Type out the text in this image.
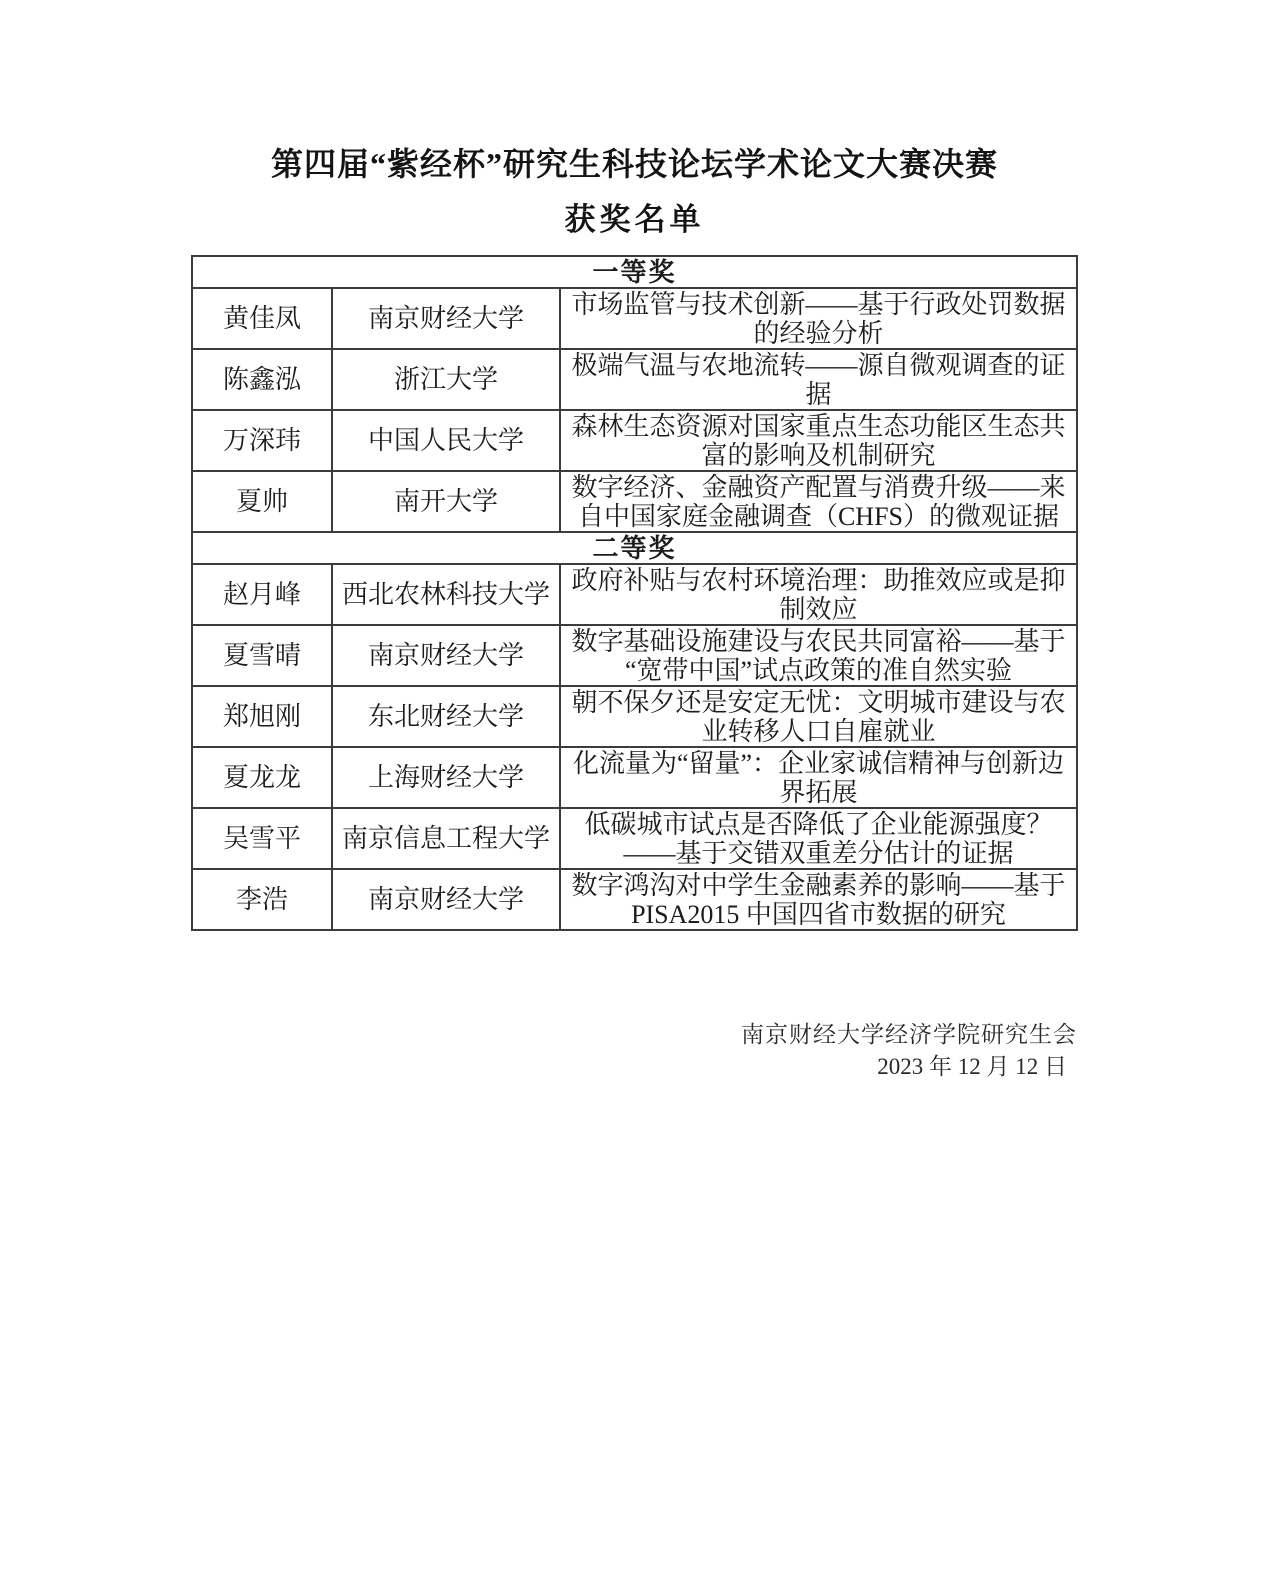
第四届“紫经杯”研究生科技论坛学术论文大赛决赛
获奖名单
一等奖		
黄佳凤	南京财经大学	市场监管与技术创新——基于行政处罚数据的经验分析
陈鑫泓	浙江大学	极端气温与农地流转——源自微观调查的证据
万深玮	中国人民大学	森林生态资源对国家重点生态功能区生态共富的影响及机制研究
夏帅	南开大学	数字经济、金融资产配置与消费升级——来自中国家庭金融调查（CHFS）的微观证据
二等奖		
赵月峰	西北农林科技大学	政府补贴与农村环境治理：助推效应或是抑制效应
夏雪晴	南京财经大学	数字基础设施建设与农民共同富裕——基于“宽带中国”试点政策的准自然实验
郑旭刚	东北财经大学	朝不保夕还是安定无忧：文明城市建设与农业转移人口自雇就业
夏龙龙	上海财经大学	化流量为“留量”：企业家诚信精神与创新边界拓展
吴雪平	南京信息工程大学	低碳城市试点是否降低了企业能源强度？——基于交错双重差分估计的证据
李浩	南京财经大学	数字鸿沟对中学生金融素养的影响——基于PISA2015 中国四省市数据的研究
南京财经大学经济学院研究生会
2023 年 12 月 12 日
